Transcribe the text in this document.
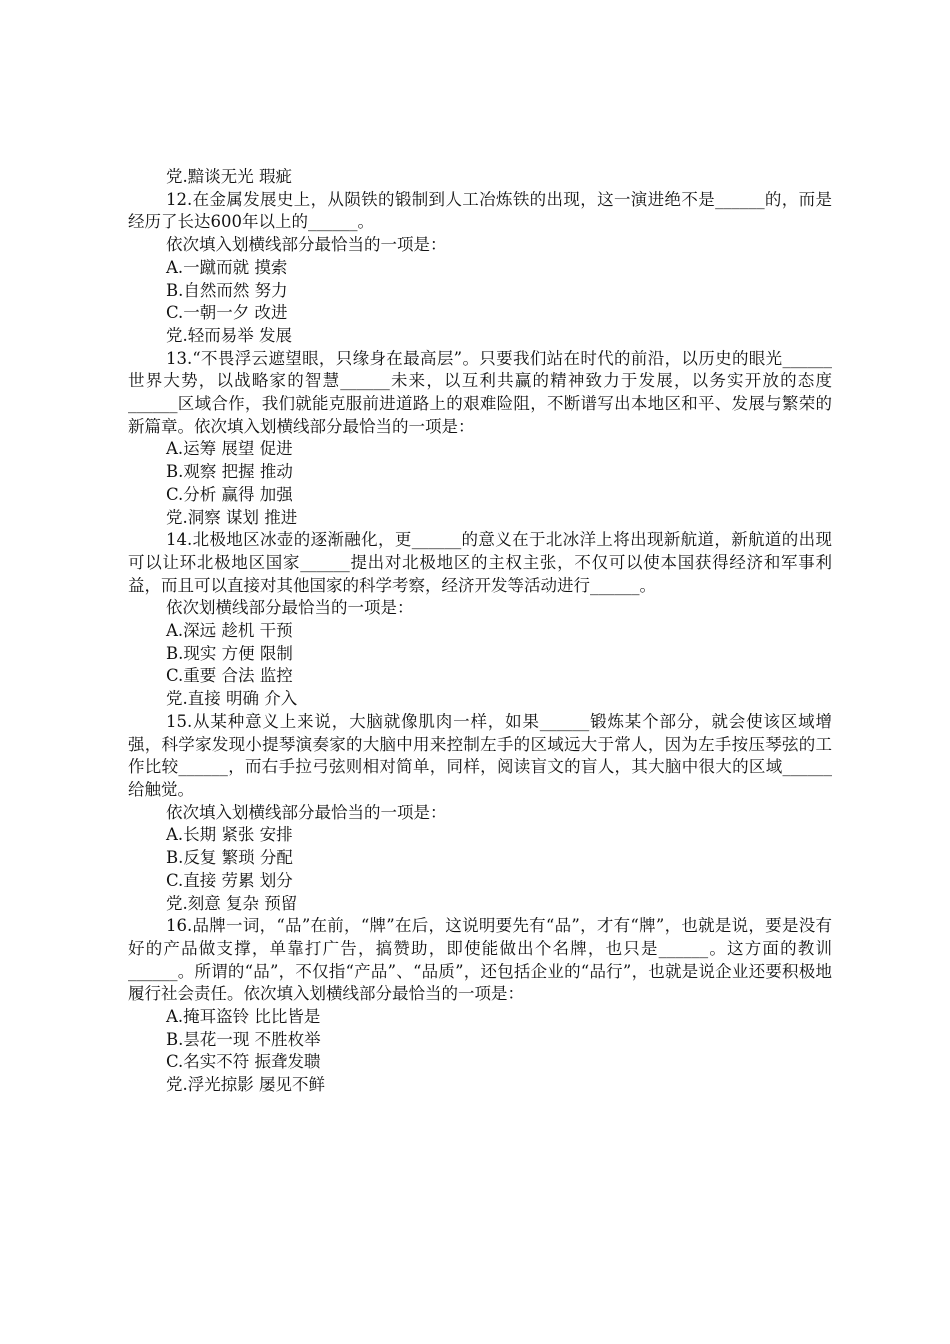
党.黯谈无光 瑕疵

12.在金属发展史上，从陨铁的锻制到人工冶炼铁的出现，这一演进绝不是______的，而是经历了长达600年以上的______。

依次填入划横线部分最恰当的一项是：

A.一蹴而就 摸索

B.自然而然 努力

C.一朝一夕 改进

党.轻而易举 发展

13.“不畏浮云遮望眼，只缘身在最高层”。只要我们站在时代的前沿，以历史的眼光______世界大势，以战略家的智慧______未来，以互利共赢的精神致力于发展，以务实开放的态度______区域合作，我们就能克服前进道路上的艰难险阻，不断谱写出本地区和平、发展与繁荣的新篇章。依次填入划横线部分最恰当的一项是：

A.运筹 展望 促进

B.观察 把握 推动

C.分析 赢得 加强

党.洞察 谋划 推进

14.北极地区冰壶的逐渐融化，更______的意义在于北冰洋上将出现新航道，新航道的出现可以让环北极地区国家______提出对北极地区的主权主张，不仅可以使本国获得经济和军事利益，而且可以直接对其他国家的科学考察，经济开发等活动进行______。

依次划横线部分最恰当的一项是：

A.深远 趁机 干预

B.现实 方便 限制

C.重要 合法 监控

党.直接 明确 介入

15.从某种意义上来说，大脑就像肌肉一样，如果______锻炼某个部分，就会使该区域增强，科学家发现小提琴演奏家的大脑中用来控制左手的区域远大于常人，因为左手按压琴弦的工作比较______，而右手拉弓弦则相对简单，同样，阅读盲文的盲人，其大脑中很大的区域______给触觉。

依次填入划横线部分最恰当的一项是：

A.长期 紧张 安排

B.反复 繁琐 分配

C.直接 劳累 划分

党.刻意 复杂 预留

16.品牌一词，“品”在前，“牌”在后，这说明要先有“品”，才有“牌”，也就是说，要是没有好的产品做支撑，单靠打广告，搞赞助，即使能做出个名牌，也只是______。这方面的教训______。所谓的“品”，不仅指“产品”、“品质”，还包括企业的“品行”，也就是说企业还要积极地履行社会责任。依次填入划横线部分最恰当的一项是：

A.掩耳盗铃 比比皆是

B.昙花一现 不胜枚举

C.名实不符 振聋发聩

党.浮光掠影 屡见不鲜
